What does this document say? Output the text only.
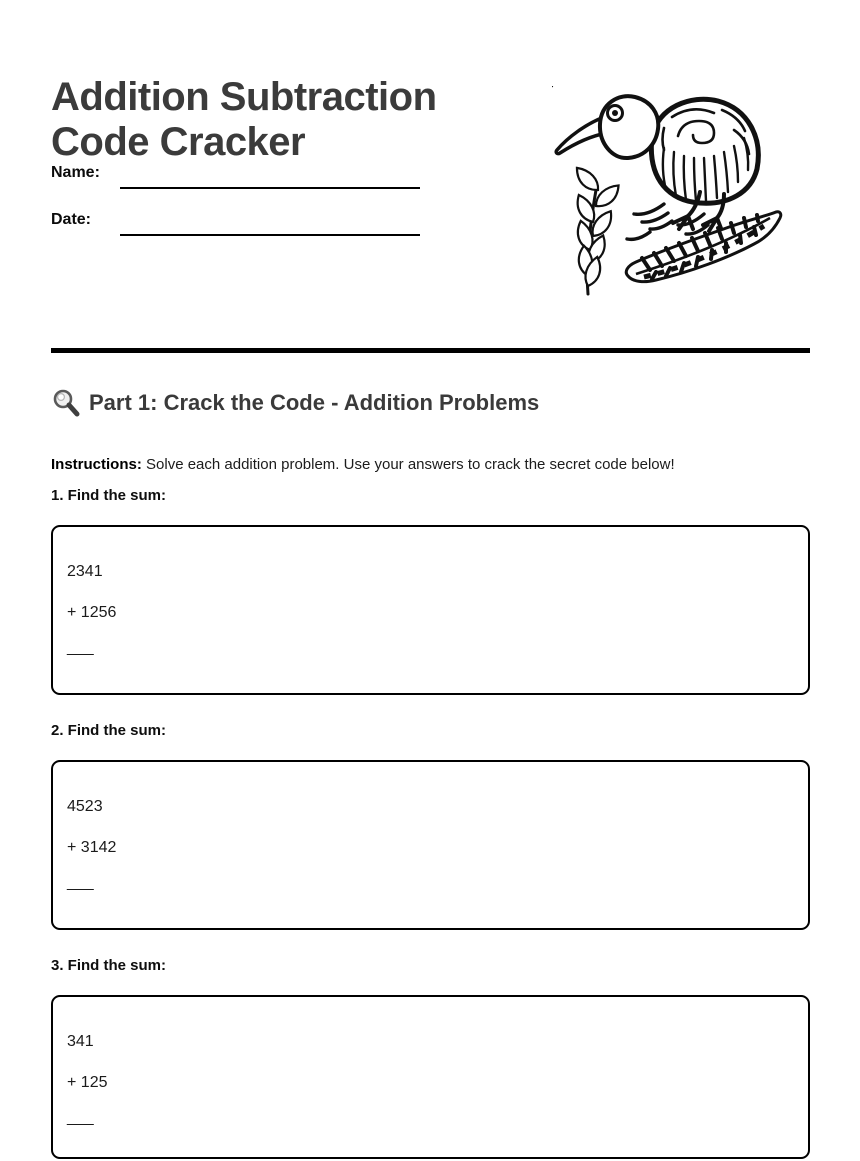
Addition Subtraction Code Cracker
Name:
Date:
Part 1: Crack the Code - Addition Problems

Instructions: Solve each addition problem. Use your answers to crack the secret code below!

1. Find the sum:
2341
+ 1256
___
2. Find the sum:
4523
+ 3142
___
3. Find the sum:
341
+ 125
___
